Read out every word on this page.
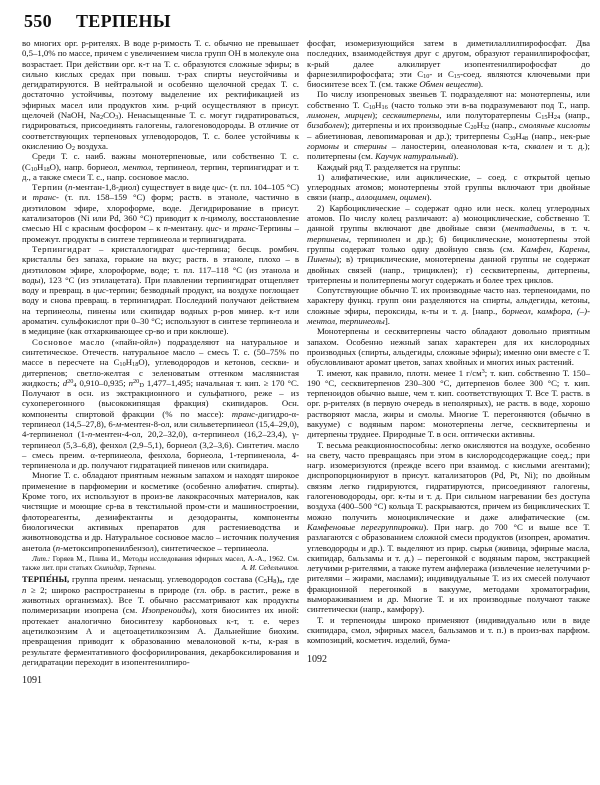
550 ТЕРПЕНЫ

во многих орг. р-рителях. В воде р-римость Т. с. обычно не превышает 0,5–1,0% по массе, причем с увеличением числа групп OH в молекуле она возрастает. При действии орг. к-т на Т. с. образуются сложные эфиры; в сильно кислых средах при повыш. т-рах спирты неустойчивы и дегидратируются. В нейтральной и особенно щелочной средах Т. с. достаточно устойчивы, поэтому выделение их ректификацией из эфирных масел или продуктов хим. р-ций осуществляют в присут. щелочей (NaOH, $Na_2CO_3$). Ненасыщенные Т. с. могут гидратироваться, гидрироваться, присоединять галогены, галогеноводороды. В отличие от соответствующих терпеновых углеводородов, Т. с. более устойчивы к окислению $O_2$ воздуха.

Среди Т. с. наиб. важны монотерпеновые, или собственно Т. с. $(C_{10}H_{18}O)$, напр. борнеол, ментол, терпинеол, терпин, терпингидрат и т. д., а также смеси Т. с., напр. сосновое масло.

Терпин (п-ментан-1,8-диол) существует в виде цис- (т. пл. 104–105 °C) и транс- (т. пл. 158–159 °C) форм; раств. в этаноле, частично в диэтиловом эфире, хлороформе, воде. Дегидрирование в присут. катализаторов (Ni или Pd, 360 °C) приводит к п-цимолу, восстановление смесью HI с красным фосфором – к п-ментану. цис- и транс-Терпины – промежут. продукты в синтезе терпинеола и терпингидрата.

Терпингидрат – кристаллогидрат цис-терпина; бесцв. ромбич. кристаллы без запаха, горькие на вкус; раств. в этаноле, плохо – в диэтиловом эфире, хлороформе, воде; т. пл. 117–118 °C (из этанола и воды), 123 °C (из этилацетата). При плавлении терпингидрат отщепляет воду и превращ. в цис-терпин; безводный продукт, на воздухе поглощает воду и снова превращ. в терпингидрат. Последний получают действием на терпинеолы, пинены или скипидар водных р-ров минер. к-т или ароматич. сульфокислот при 0–30 °C; используют в синтезе терпинеола и в медицине (как отхаркивающее ср-во и при коклюше).

Сосновое масло («пайн-ойл») подразделяют на натуральное и синтетическое. Отечеств. натуральное масло – смесь Т. с. (50–75% по массе в пересчете на $C_{10}H_{18}O$), углеводородов и кетонов, сескви- и дитерпенов; светло-желтая с зеленоватым оттенком маслянистая жидкость; $d^{20}_4$ 0,910–0,935; $n^{20}_D$ 1,477–1,495; начальная т. кип. ≥ 170 °C. Получают в осн. из экстракционного и сульфатного, реже – из сухоперегонного (высококипящая фракция) скипидаров. Осн. компоненты спиртовой фракции (% по массе): транс-дигидро-α-терпинеол (14,5–27,8), 6-м-ментен-8-ол, или сильветерпинеол (15,4–29,0), 4-терпиненол (1-п-ментен-4-ол, 20,2–32,0), α-терпинеол (16,2–23,4), γ-терпинеол (5,3–6,8), фенхол (2,9–5,1), борнеол (3,2–3,6). Синтетич. масло – смесь преим. α-терпинеола, фенхола, борнеола, 1-терпиненола, 4-терпиненола и др. получают гидратацией пиненов или скипидара.

Многие Т. с. обладают приятным нежным запахом и находят широкое применение в парфюмерии и косметике (особенно алифатич. спирты). Кроме того, их используют в произ-ве лакокрасочных материалов, как чистящие и моющие ср-ва в текстильной пром-сти и машиностроении, флотореагенты, дезинфектанты и дезодоранты, компоненты биологически активных препаратов для растениеводства и животноводства и др. Натуральное сосновое масло – источник получения анетола (п-метоксипропенилбензол), синтетическое – терпинеола.

Лит.: Горяев М., Плива И., Методы исследования эфирных масел, А.-А., 1962. См. также лит. при статьях Скипидар, Терпены.	А. И. Седельников.

ТЕРПЕ́НЫ, группа преим. ненасыщ. углеводородов состава $(C_5H_8)_n$, где n ≥ 2; широко распространены в природе (гл. обр. в растит., реже в животных организмах). Все Т. обычно рассматривают как продукты полимеризации изопрена (см. Изопреноиды), хотя биосинтез их иной: протекает аналогично биосинтезу карбоновых к-т, т. е. через ацетилкоэнзим А и ацетоацетилкоэнзим А. Дальнейшие биохим. превращения приводит к образованию мевалоновой к-ты, к-рая в результате ферментативного фосфорилирования, декарбоксилирования и дегидратации переходит в изопентенилпиро-

1091

фосфат, изомеризующийся затем в диметилаллилпирофосфат. Два последних, взаимодействуя друг с другом, образуют геранилпирофосфат, к-рый далее алкилирует изопентенилпирофосфат до фарнезилпирофосфата; эти $C_{10}-$ и $C_{15}$-соед. являются ключевыми при биосинтезе всех Т. (см. также Обмен веществ).

По числу изопреновых звеньев Т. подразделяют на: монотерпены, или собственно Т. $C_{10}H_{16}$ (часто только эти в-ва подразумевают под Т., напр. лимонен, мирцен); сесквитерпены, или полуторатерпены $C_{15}H_{24}$ (напр., бизаболен); дитерпены и их производные $C_{20}H_{32}$ (напр., смоляные кислоты – абиетиновая, левопимаровая и др.); тритерпены $C_{30}H_{48}$ (напр., нек-рые гормоны и стерины – ланостерин, олеаноловая к-та, сквален и т. д.); политерпены (см. Каучук натуральный).

Каждый ряд Т. разделяется на группы:

1) алифатические, или ациклические, – соед. с открытой цепью углеродных атомов; монотерпены этой группы включают три двойные связи (напр., аллоцимен, оцимен).

2) Карбоциклические – содержат одно или неск. колец углеродных атомов. По числу колец различают: а) моноциклические, собственно Т. данной группы включают две двойные связи (ментадиены, в т. ч. терпинены, терпинолен и др.); б) бициклические, монотерпены этой группы содержат только одну двойную связь (см. Камфен, Карены, Пинены); в) трициклические, монотерпены данной группы не содержат двойных связей (напр., трициклен); г) сесквитерпены, дитерпены, тритерпены и политерпены могут содержать и более трех циклов.

Сопутствующие обычно Т. их производные часто наз. терпеноидами, по характеру функц. групп они разделяются на спирты, альдегиды, кетоны, сложные эфиры, пероксиды, к-ты и т. д. [напр., борнеол, камфора, (–)-ментол, терпинеолы].

Монотерпены и сесквитерпены часто обладают довольно приятным запахом. Особенно нежный запах характерен для их кислородных производных (спирты, альдегиды, сложные эфиры); именно они вместе с Т. обусловливают аромат цветов, запах хвойных и многих иных растений.

Т. имеют, как правило, плотн. менее 1 $г/см^3$; т. кип. собственно Т. 150–190 °C, сесквитерпенов 230–300 °C, дитерпенов более 300 °C; т. кип. терпеноидов обычно выше, чем т. кип. соответствующих Т. Все Т. раств. в орг. р-рителях (в первую очередь в неполярных), не раств. в воде, хорошо растворяют масла, жиры и смолы. Многие Т. перегоняются (обычно в вакууме) с водяным паром: монотерпены легче, сесквитерпены и дитерпены труднее. Природные Т. в осн. оптически активны.

Т. весьма реакционноспособны: легко окисляются на воздухе, особенно на свету, часто превращаясь при этом в кислородсодержащие соед.; при нагр. изомеризуются (прежде всего при взаимод. с кислыми агентами); диспропорционируют в присут. катализаторов (Pd, Pt, Ni); по двойным связям легко гидрируются, гидратируются, присоединяют галогены, галогеноводороды, орг. к-ты и т. д. При сильном нагревании без доступа воздуха (400–500 °C) кольца Т. раскрываются, причем из бициклических Т. можно получить моноциклические и даже алифатические (см. Камфеновые перегруппировки). При нагр. до 700 °C и выше все Т. разлагаются с образованием сложной смеси продуктов (изопрен, ароматич. углеводороды и др.). Т. выделяют из прир. сырья (живица, эфирные масла, скипидар, бальзамы и т. д.) – перегонкой с водяным паром, экстракцией летучими р-рителями, а также путем анфлеража (извлечение нелетучими р-рителями – жирами, маслами); индивидуальные Т. из их смесей получают фракционной перегонкой в вакууме, методами хроматографии, вымораживанием и др. Многие Т. и их производные получают также синтетически (напр., камфору).

Т. и терпеноиды широко применяют (индивидуально или в виде скипидара, смол, эфирных масел, бальзамов и т. п.) в произ-вах парфюм. композиций, косметич. изделий, бума-

1092
